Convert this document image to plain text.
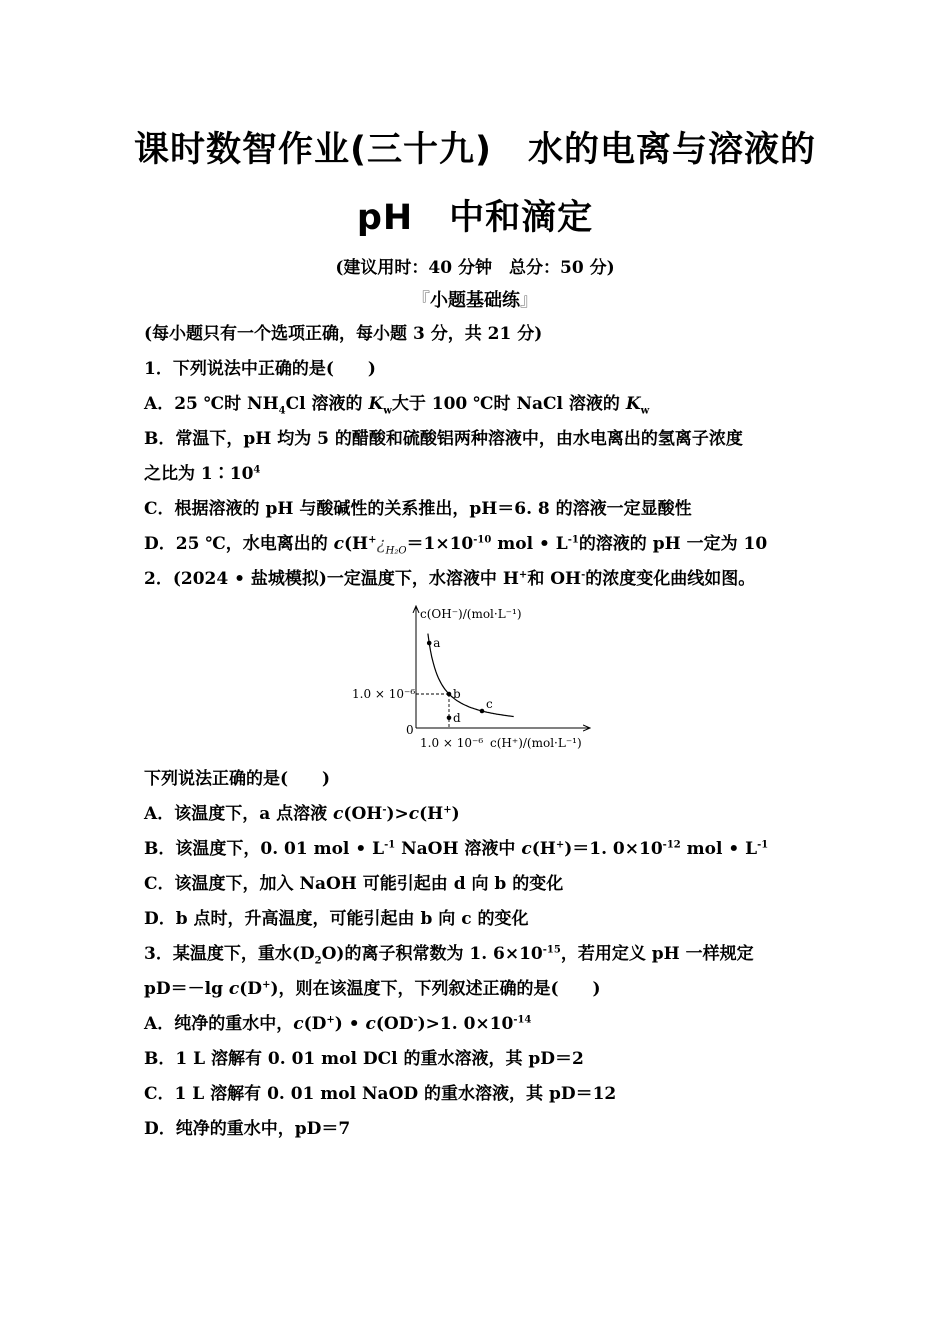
课时数智作业(三十九)　水的电离与溶液的
pH　中和滴定
(建议用时：40 分钟　总分：50 分)
『小题基础练』
(每小题只有一个选项正确，每小题 3 分，共 21 分)
1．下列说法中正确的是(　　)
A．25 ℃时 $NH_4Cl$ 溶液的 $K_w$大于 100 ℃时 NaCl 溶液的 $K_w$
B．常温下，pH 均为 5 的醋酸和硫酸铝两种溶液中，由水电离出的氢离子浓度
之比为 $1∶10^4$
C．根据溶液的 pH 与酸碱性的关系推出，pH＝6. 8 的溶液一定显酸性
D．25 ℃，水电离出的 $c(H^+¿_{H_2O}=1\times 10^{-10}$ mol • $L^{-1}$的溶液的 pH 一定为 10
2．(2024 • 盐城模拟)一定温度下，水溶液中 H+和 OH-的浓度变化曲线如图。
a
b
c
d
c(OH⁻)/(mol·L⁻¹)
c(H⁺)/(mol·L⁻¹)
1.0 × 10⁻⁶
1.0 × 10⁻⁶
0
下列说法正确的是(　　)
A．该温度下，a 点溶液 c(OH-)>c(H+)
B．该温度下，0. 01 mol • $L^{-1}$ NaOH 溶液中 c(H+)＝1. $0\times 10^{-12}$ mol • $L^{-1}$
C．该温度下，加入 NaOH 可能引起由 d 向 b 的变化
D．b 点时，升高温度，可能引起由 b 向 c 的变化
3．某温度下，重水$(D_2O)$的离子积常数为 1. $6\times 10^{-15}$，若用定义 pH 一样规定
pD＝－lg c(D+)，则在该温度下，下列叙述正确的是(　　)
A．纯净的重水中，c(D+) • c(OD-)>1. $0\times 10^{-14}$
B．1 L 溶解有 0. 01 mol DCl 的重水溶液，其 pD＝2
C．1 L 溶解有 0. 01 mol NaOD 的重水溶液，其 pD＝12
D．纯净的重水中，pD＝7
